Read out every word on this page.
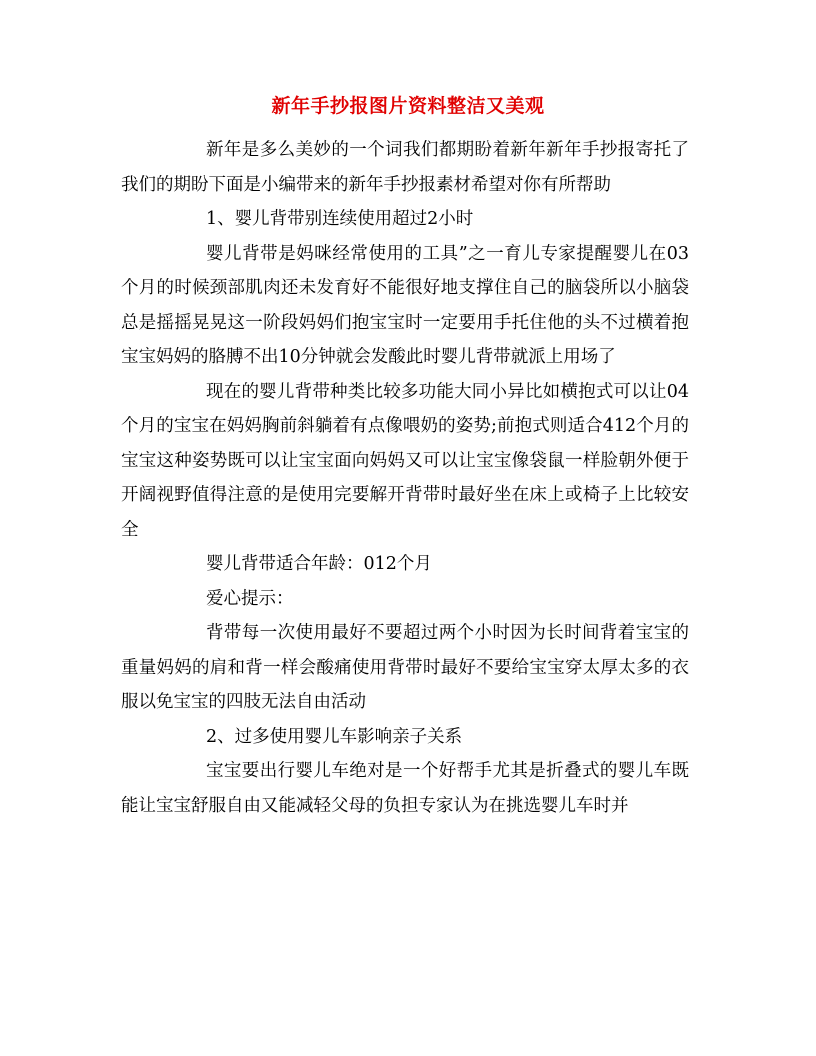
新年手抄报图片资料整洁又美观

新年是多么美妙的一个词我们都期盼着新年新年手抄报寄托了我们的期盼下面是小编带来的新年手抄报素材希望对你有所帮助

1、婴儿背带别连续使用超过2小时

婴儿背带是妈咪经常使用的工具”之一育儿专家提醒婴儿在03个月的时候颈部肌肉还未发育好不能很好地支撑住自己的脑袋所以小脑袋总是摇摇晃晃这一阶段妈妈们抱宝宝时一定要用手托住他的头不过横着抱宝宝妈妈的胳膊不出10分钟就会发酸此时婴儿背带就派上用场了

现在的婴儿背带种类比较多功能大同小异比如横抱式可以让04个月的宝宝在妈妈胸前斜躺着有点像喂奶的姿势;前抱式则适合412个月的宝宝这种姿势既可以让宝宝面向妈妈又可以让宝宝像袋鼠一样脸朝外便于开阔视野值得注意的是使用完要解开背带时最好坐在床上或椅子上比较安全

婴儿背带适合年龄：012个月

爱心提示：

背带每一次使用最好不要超过两个小时因为长时间背着宝宝的重量妈妈的肩和背一样会酸痛使用背带时最好不要给宝宝穿太厚太多的衣服以免宝宝的四肢无法自由活动

2、过多使用婴儿车影响亲子关系

宝宝要出行婴儿车绝对是一个好帮手尤其是折叠式的婴儿车既能让宝宝舒服自由又能减轻父母的负担专家认为在挑选婴儿车时并
